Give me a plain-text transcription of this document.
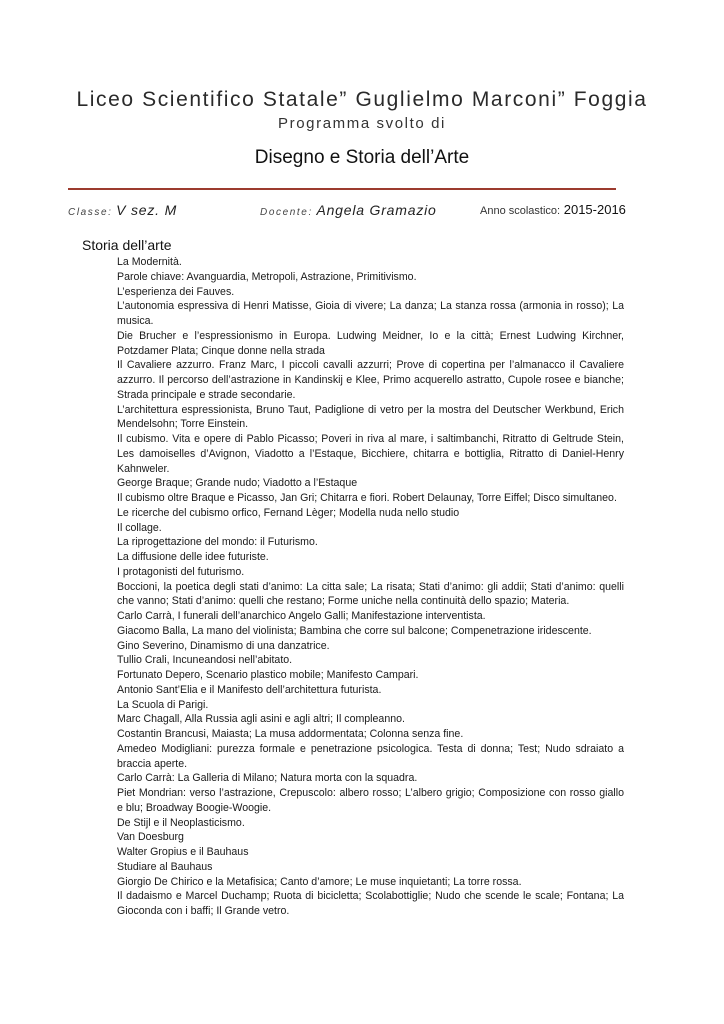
Liceo Scientifico Statale” Guglielmo Marconi” Foggia
Programma svolto di
Disegno e Storia dell’Arte
Classe: V sez. M	Docente: Angela Gramazio	Anno scolastico: 2015-2016
Storia dell’arte

La Modernità.

Parole chiave: Avanguardia, Metropoli, Astrazione, Primitivismo.

L’esperienza dei Fauves.

L’autonomia espressiva di Henri Matisse, Gioia di vivere; La danza; La stanza rossa (armonia in rosso); La musica.

Die Brucher e l’espressionismo in Europa. Ludwing Meidner, Io e la città; Ernest Ludwing Kirchner, Potzdamer Plata; Cinque donne nella strada

Il Cavaliere azzurro. Franz Marc, I piccoli cavalli azzurri; Prove di copertina per l’almanacco il Cavaliere azzurro. Il percorso dell’astrazione in Kandinskij e Klee, Primo acquerello astratto, Cupole rosee e bianche; Strada principale e strade secondarie.

L’architettura espressionista, Bruno Taut, Padiglione di vetro per la mostra del Deutscher Werkbund, Erich Mendelsohn; Torre Einstein.

Il cubismo. Vita e opere di Pablo Picasso; Poveri in riva al mare, i saltimbanchi, Ritratto di Geltrude Stein, Les damoiselles d’Avignon, Viadotto a l’Estaque, Bicchiere, chitarra e bottiglia, Ritratto di Daniel-Henry Kahnweler.

George Braque; Grande nudo; Viadotto a l’Estaque

Il cubismo oltre Braque e Picasso, Jan Gri; Chitarra e fiori. Robert Delaunay, Torre Eiffel; Disco simultaneo.

Le ricerche del cubismo orfico, Fernand Lèger; Modella nuda nello studio

Il collage.

La riprogettazione del mondo: il Futurismo.

La diffusione delle idee futuriste.

I protagonisti del futurismo.

Boccioni, la poetica degli stati d’animo: La citta sale; La risata; Stati d’animo: gli addii; Stati d’animo: quelli che vanno; Stati d’animo: quelli che restano; Forme uniche nella continuità dello spazio; Materia.

Carlo Carrà, I funerali dell’anarchico Angelo Galli; Manifestazione interventista.

Giacomo Balla, La mano del violinista; Bambina che corre sul balcone; Compenetrazione iridescente.

Gino Severino, Dinamismo di una danzatrice.

Tullio Crali, Incuneandosi nell’abitato.

Fortunato Depero, Scenario plastico mobile; Manifesto Campari.

Antonio Sant’Elia e il Manifesto dell’architettura futurista.

La Scuola di Parigi.

Marc Chagall, Alla Russia agli asini e agli altri; Il compleanno.

Costantin Brancusi, Maiasta; La musa addormentata; Colonna senza fine.

Amedeo Modigliani: purezza formale e penetrazione psicologica. Testa di donna; Test; Nudo sdraiato a braccia aperte.

Carlo Carrà: La Galleria di Milano; Natura morta con la squadra.

Piet Mondrian: verso l’astrazione, Crepuscolo: albero rosso; L’albero grigio; Composizione con rosso giallo e blu; Broadway Boogie-Woogie.

De Stijl e il Neoplasticismo.

Van Doesburg

Walter Gropius e il Bauhaus

Studiare al Bauhaus

Giorgio De Chirico e la Metafisica; Canto d’amore; Le muse inquietanti; La torre rossa.

Il dadaismo e Marcel Duchamp; Ruota di bicicletta; Scolabottiglie; Nudo che scende le scale; Fontana; La Gioconda con i baffi; Il Grande vetro.
